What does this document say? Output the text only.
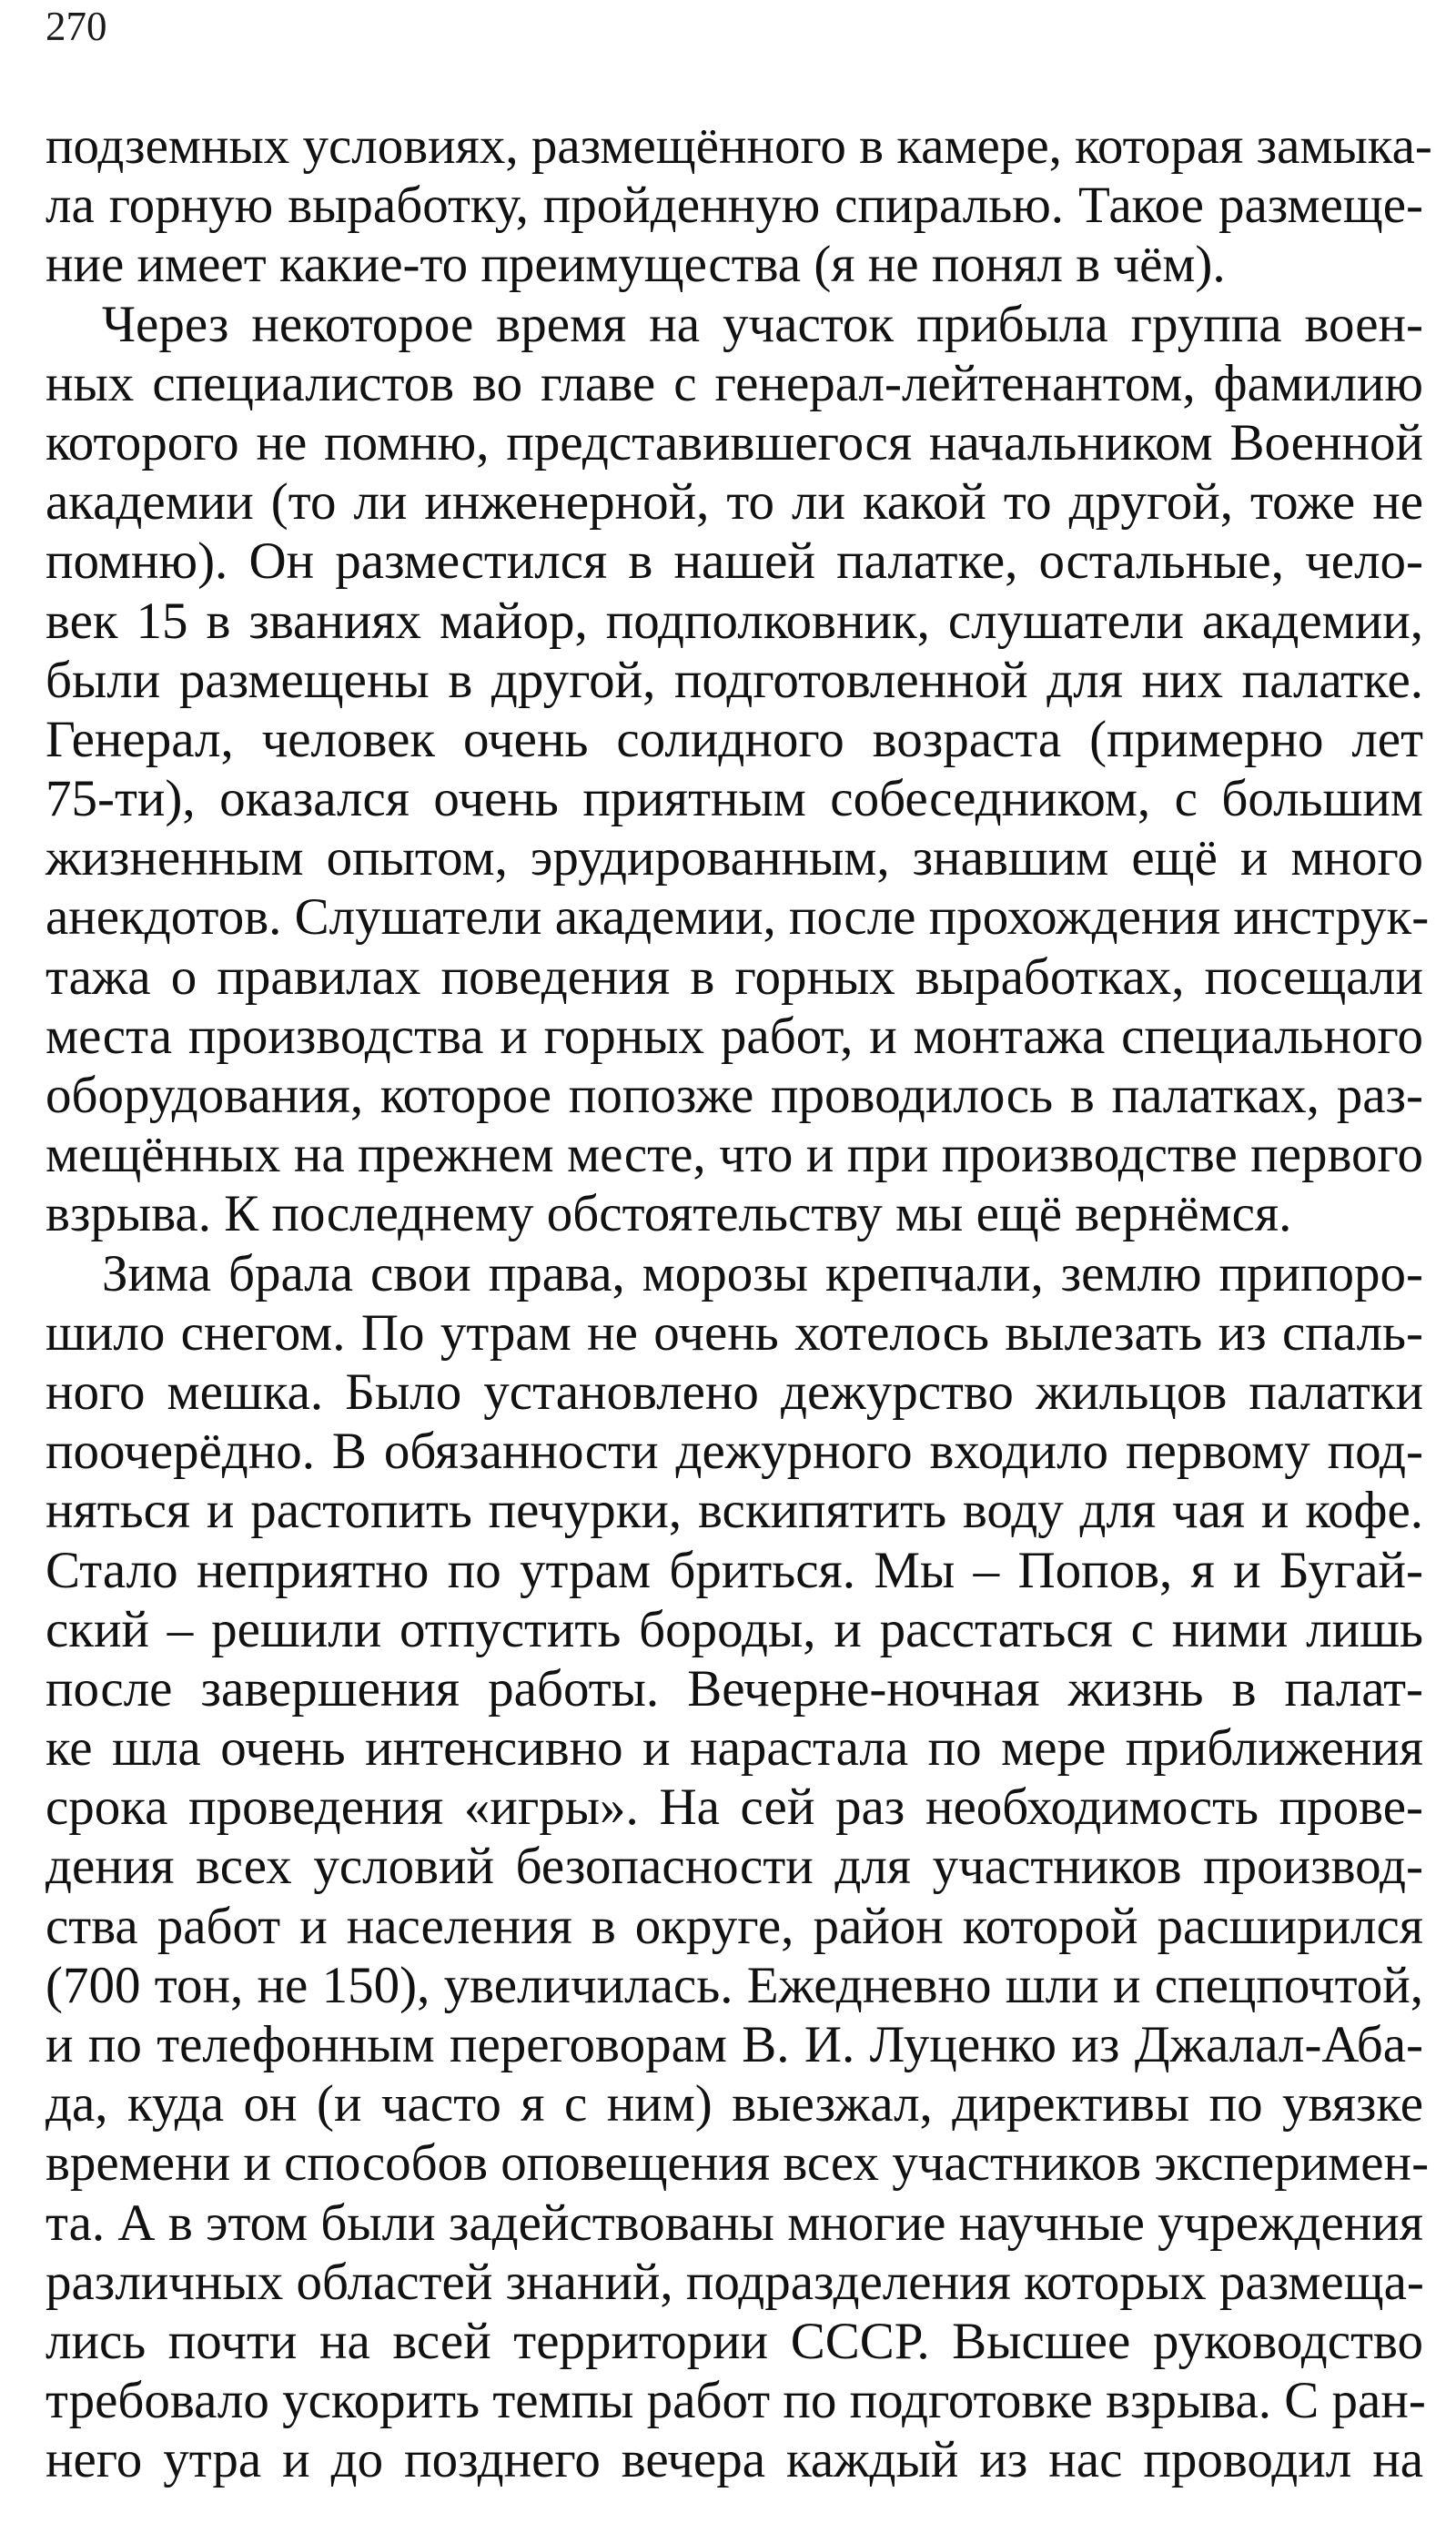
270

подземных условиях, размещённого в камере, которая замыка-
ла горную выработку, пройденную спиралью. Такое размеще-
ние имеет какие-то преимущества (я не понял в чём).

Через некоторое время на участок прибыла группа воен-
ных специалистов во главе с генерал-лейтенантом, фамилию
которого не помню, представившегося начальником Военной
академии (то ли инженерной, то ли какой то другой, тоже не
помню). Он разместился в нашей палатке, остальные, чело-
век 15 в званиях майор, подполковник, слушатели академии,
были размещены в другой, подготовленной для них палатке.
Генерал, человек очень солидного возраста (примерно лет
75-ти), оказался очень приятным собеседником, с большим
жизненным опытом, эрудированным, знавшим ещё и много
анекдотов. Слушатели академии, после прохождения инструк-
тажа о правилах поведения в горных выработках, посещали
места производства и горных работ, и монтажа специального
оборудования, которое попозже проводилось в палатках, раз-
мещённых на прежнем месте, что и при производстве первого
взрыва. К последнему обстоятельству мы ещё вернёмся.

Зима брала свои права, морозы крепчали, землю припоро-
шило снегом. По утрам не очень хотелось вылезать из спаль-
ного мешка. Было установлено дежурство жильцов палатки
поочерёдно. В обязанности дежурного входило первому под-
няться и растопить печурки, вскипятить воду для чая и кофе.
Стало неприятно по утрам бриться. Мы – Попов, я и Бугай-
ский – решили отпустить бороды, и расстаться с ними лишь
после завершения работы. Вечерне-ночная жизнь в палат-
ке шла очень интенсивно и нарастала по мере приближения
срока проведения «игры». На сей раз необходимость прове-
дения всех условий безопасности для участников производ-
ства работ и населения в округе, район которой расширился
(700 тон, не 150), увеличилась. Ежедневно шли и спецпочтой,
и по телефонным переговорам В. И. Луценко из Джалал-Аба-
да, куда он (и часто я с ним) выезжал, директивы по увязке
времени и способов оповещения всех участников эксперимен-
та. А в этом были задействованы многие научные учреждения
различных областей знаний, подразделения которых размеща-
лись почти на всей территории СССР. Высшее руководство
требовало ускорить темпы работ по подготовке взрыва. С ран-
него утра и до позднего вечера каждый из нас проводил на
